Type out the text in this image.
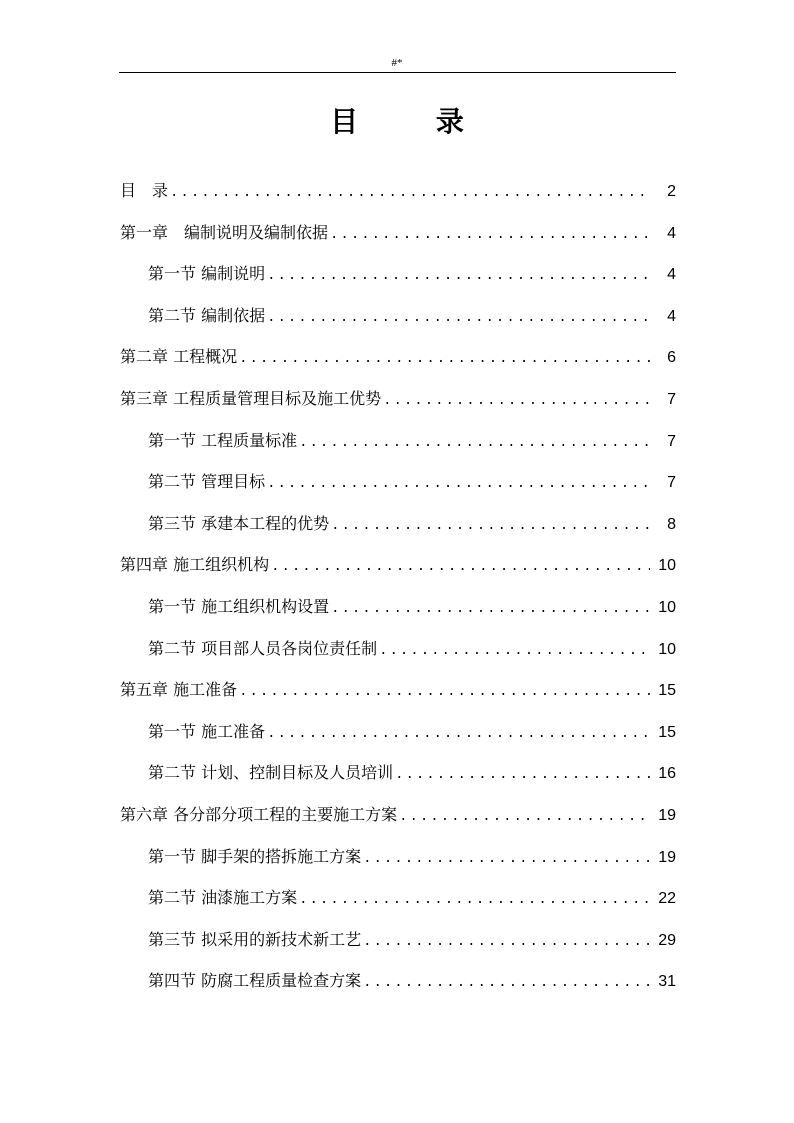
#*
目 录
目　录 .....	2
第一章　编制说明及编制依据 .....	4
第一节 编制说明 .....	4
第二节 编制依据 .....	4
第二章 工程概况 .....	6
第三章 工程质量管理目标及施工优势 .....	7
第一节 工程质量标准 .....	7
第二节 管理目标 .....	7
第三节 承建本工程的优势 .....	8
第四章 施工组织机构 .....	10
第一节 施工组织机构设置 .....	10
第二节 项目部人员各岗位责任制 .....	10
第五章 施工准备 .....	15
第一节 施工准备 .....	15
第二节 计划、控制目标及人员培训 .....	16
第六章 各分部分项工程的主要施工方案 .....	19
第一节 脚手架的搭拆施工方案 .....	19
第二节 油漆施工方案 .....	22
第三节 拟采用的新技术新工艺 .....	29
第四节 防腐工程质量检查方案 .....	31
